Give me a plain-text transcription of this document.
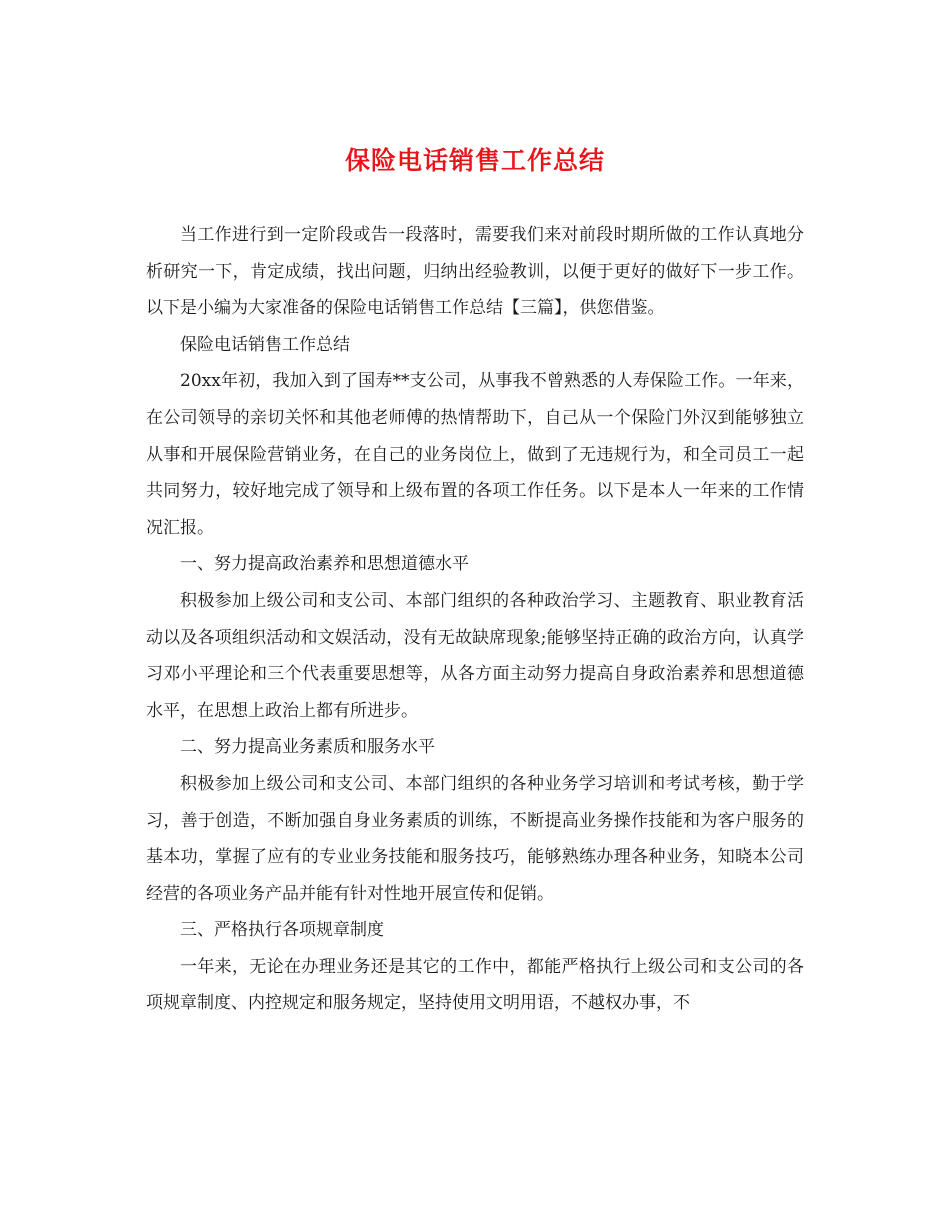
保险电话销售工作总结

当工作进行到一定阶段或告一段落时，需要我们来对前段时期所做的工作认真地分析研究一下，肯定成绩，找出问题，归纳出经验教训，以便于更好的做好下一步工作。以下是小编为大家准备的保险电话销售工作总结【三篇】，供您借鉴。

保险电话销售工作总结

20xx年初，我加入到了国寿**支公司，从事我不曾熟悉的人寿保险工作。一年来，在公司领导的亲切关怀和其他老师傅的热情帮助下，自己从一个保险门外汉到能够独立从事和开展保险营销业务，在自己的业务岗位上，做到了无违规行为，和全司员工一起共同努力，较好地完成了领导和上级布置的各项工作任务。以下是本人一年来的工作情况汇报。

一、努力提高政治素养和思想道德水平

积极参加上级公司和支公司、本部门组织的各种政治学习、主题教育、职业教育活动以及各项组织活动和文娱活动，没有无故缺席现象;能够坚持正确的政治方向，认真学习邓小平理论和三个代表重要思想等，从各方面主动努力提高自身政治素养和思想道德水平，在思想上政治上都有所进步。

二、努力提高业务素质和服务水平

积极参加上级公司和支公司、本部门组织的各种业务学习培训和考试考核，勤于学习，善于创造，不断加强自身业务素质的训练，不断提高业务操作技能和为客户服务的基本功，掌握了应有的专业业务技能和服务技巧，能够熟练办理各种业务，知晓本公司经营的各项业务产品并能有针对性地开展宣传和促销。

三、严格执行各项规章制度

一年来，无论在办理业务还是其它的工作中，都能严格执行上级公司和支公司的各项规章制度、内控规定和服务规定，坚持使用文明用语，不越权办事，不
